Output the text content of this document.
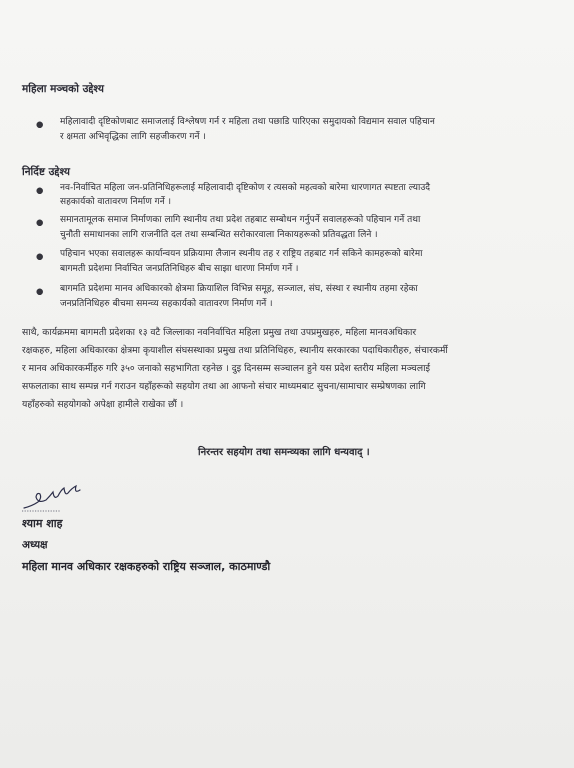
महिला मञ्चको उद्देश्य
● महिलावादी दृष्टिकोणबाट समाजलाई विश्लेषण गर्न र महिला तथा पछाडि पारिएका समुदायको विद्यमान सवाल पहिचान
र क्षमता अभिवृद्धिका लागि सहजीकरण गर्ने ।
निर्दिष्ट उद्देश्य
● नव-निर्वाचित महिला जन-प्रतिनिधिहरूलाई महिलावादी दृष्टिकोण र त्यसको महत्वको बारेमा धारणागत स्पष्टता ल्याउदै
सहकार्यको वातावरण निर्माण गर्ने ।
● समानतामूलक समाज निर्माणका लागि स्थानीय तथा प्रदेश तहबाट सम्बोधन गर्नुपर्ने सवालहरूको पहिचान गर्ने तथा
चुनौती समाधानका लागि राजनीति दल तथा सम्बन्धित सरोकारवाला निकायहरूको प्रतिवद्धता लिने ।
● पहिचान भएका सवालहरू कार्यान्वयन प्रक्रियामा लैजान स्थनीय तह र राष्ट्रिय तहबाट गर्न सकिने कामहरूको बारेमा
बागमती प्रदेशमा निर्वाचित जनप्रतिनिधिहरु बीच साझा धारणा निर्माण गर्ने ।
● बागमति प्रदेशमा मानव अधिकारको क्षेत्रमा क्रियाशिल विभिन्न समूह, सञ्जाल, संघ, संस्था र स्थानीय तहमा रहेका
जनप्रतिनिधिहरु बीचमा समन्व्य सहकार्यको वातावरण निर्माण गर्ने ।
साथै, कार्यक्रममा बागमती प्रदेशका १३ वटै जिल्लाका नवनिर्वाचित महिला प्रमुख तथा उपप्रमुखहरु, महिला मानवअधिकार
रक्षकहरु, महिला अधिकारका क्षेत्रमा कृयाशील संघसस्थाका प्रमुख तथा प्रतिनिधिहरु, स्थानीय सरकारका पदाधिकारीहरु, संचारकर्मी
र मानव अधिकारकर्मीहरु गरि ३५० जनाको सहभागिता रहनेछ । दुइ दिनसम्म सञ्चालन हुने यस प्रदेश स्तरीय महिला मञ्चलाई
सफलताका साथ सम्पन्न गर्न गराउन यहाँहरूको सहयोग तथा आ आफनो संचार माध्यमबाट सुचना/सामाचार सम्प्रेषणका लागि
यहाँहरुको सहयोगको अपेक्षा हामीले राखेका छौं ।
निरन्तर सहयोग तथा समन्व्यका लागि धन्यवाद् ।
श्याम शाह
अध्यक्ष
महिला मानव अधिकार रक्षकहरुको राष्ट्रिय सञ्जाल, काठमाण्डौ
